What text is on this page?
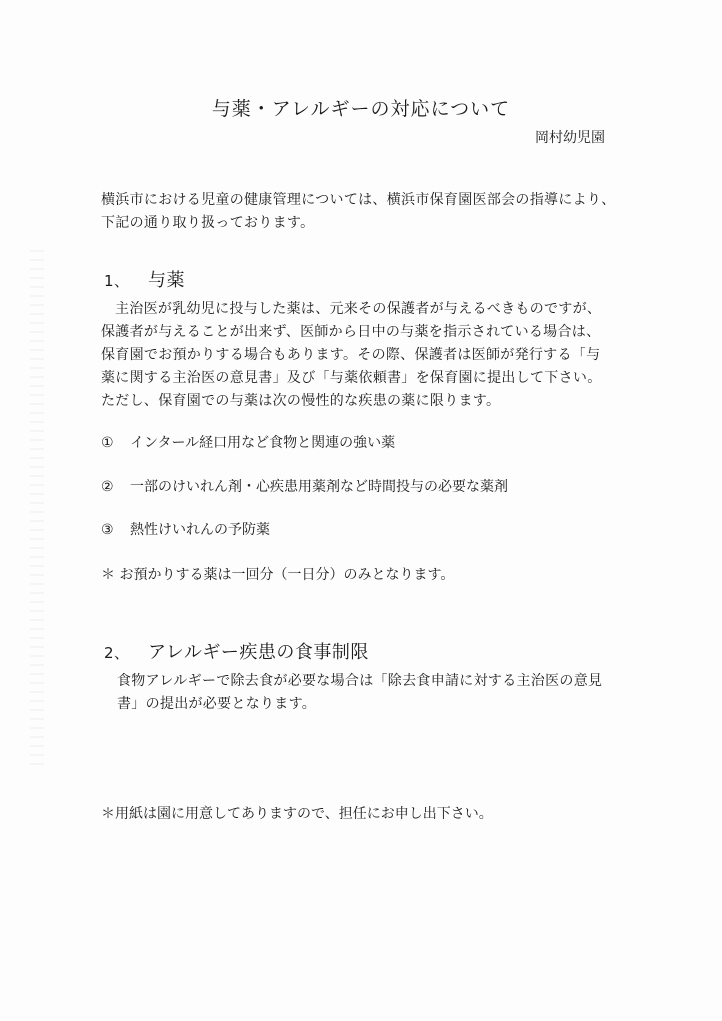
与薬・アレルギーの対応について
岡村幼児園
横浜市における児童の健康管理については、横浜市保育園医部会の指導により、
下記の通り取り扱っております。
1、 与薬
主治医が乳幼児に投与した薬は、元来その保護者が与えるべきものですが、
保護者が与えることが出来ず、医師から日中の与薬を指示されている場合は、
保育園でお預かりする場合もあります。その際、保護者は医師が発行する「与
薬に関する主治医の意見書」及び「与薬依頼書」を保育園に提出して下さい。
ただし、保育園での与薬は次の慢性的な疾患の薬に限ります。
① インタール経口用など食物と関連の強い薬
② 一部のけいれん剤・心疾患用薬剤など時間投与の必要な薬剤
③ 熱性けいれんの予防薬
＊ お預かりする薬は一回分（一日分）のみとなります。
2、 アレルギー疾患の食事制限
食物アレルギーで除去食が必要な場合は「除去食申請に対する主治医の意見
書」の提出が必要となります。
＊用紙は園に用意してありますので、担任にお申し出下さい。
